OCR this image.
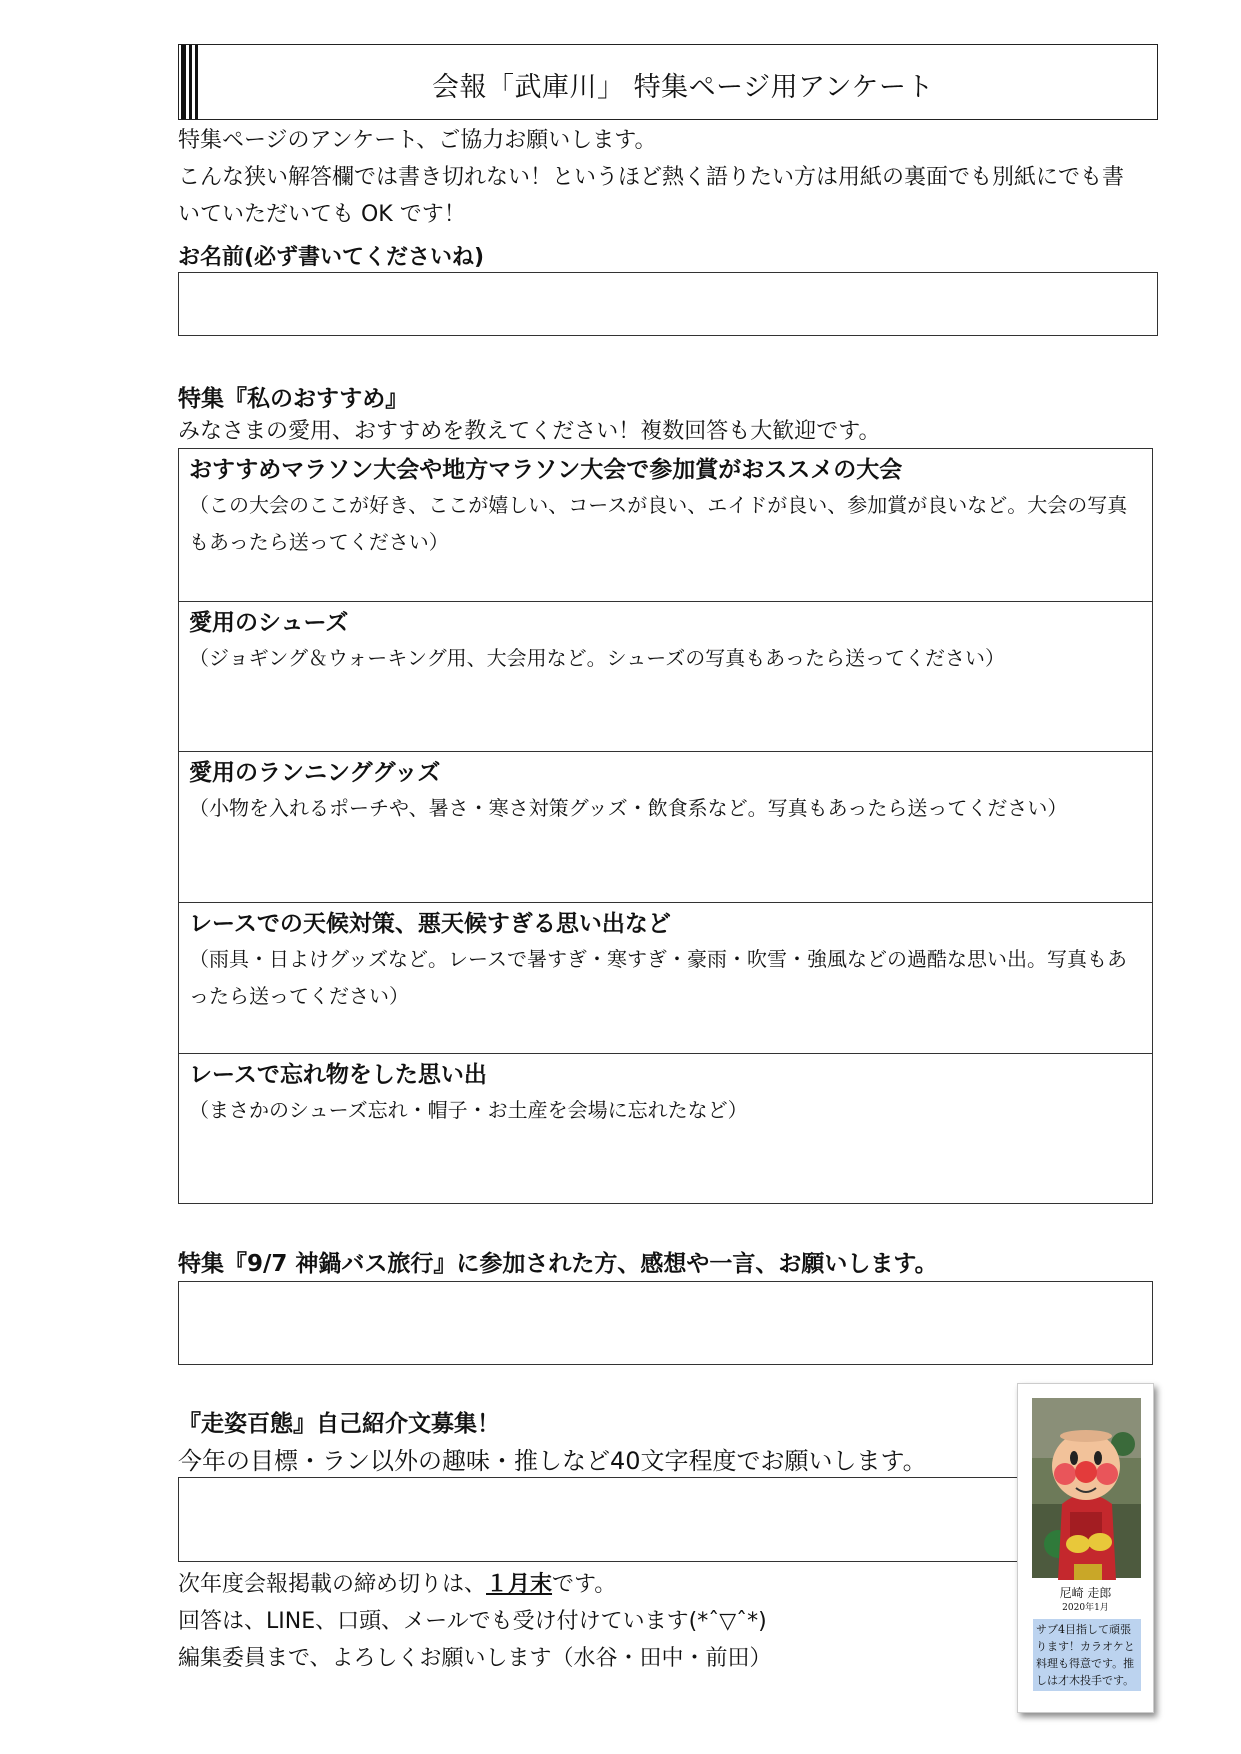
会報「武庫川」 特集ページ用アンケート
特集ページのアンケート、ご協力お願いします。
こんな狭い解答欄では書き切れない！というほど熱く語りたい方は用紙の裏面でも別紙にでも書
いていただいても OK です！
お名前(必ず書いてくださいね)
特集『私のおすすめ』
みなさまの愛用、おすすめを教えてください！複数回答も大歓迎です。
おすすめマラソン大会や地方マラソン大会で参加賞がおススメの大会
（この大会のここが好き、ここが嬉しい、コースが良い、エイドが良い、参加賞が良いなど。大会の写真もあったら送ってください）
愛用のシューズ
（ジョギング＆ウォーキング用、大会用など。シューズの写真もあったら送ってください）
愛用のランニンググッズ
（小物を入れるポーチや、暑さ・寒さ対策グッズ・飲食系など。写真もあったら送ってください）
レースでの天候対策、悪天候すぎる思い出など
（雨具・日よけグッズなど。レースで暑すぎ・寒すぎ・豪雨・吹雪・強風などの過酷な思い出。写真もあったら送ってください）
レースで忘れ物をした思い出
（まさかのシューズ忘れ・帽子・お土産を会場に忘れたなど）
特集『9/7 神鍋バス旅行』に参加された方、感想や一言、お願いします。
『走姿百態』自己紹介文募集！
今年の目標・ラン以外の趣味・推しなど40文字程度でお願いします。
次年度会報掲載の締め切りは、１月末です。
回答は、LINE、口頭、メールでも受け付けています(*ˆ▽ˆ*)
編集委員まで、よろしくお願いします（水谷・田中・前田）
尼崎 走郎
2020年1月
サブ4目指して頑張ります！カラオケと料理も得意です。推しは才木投手です。
